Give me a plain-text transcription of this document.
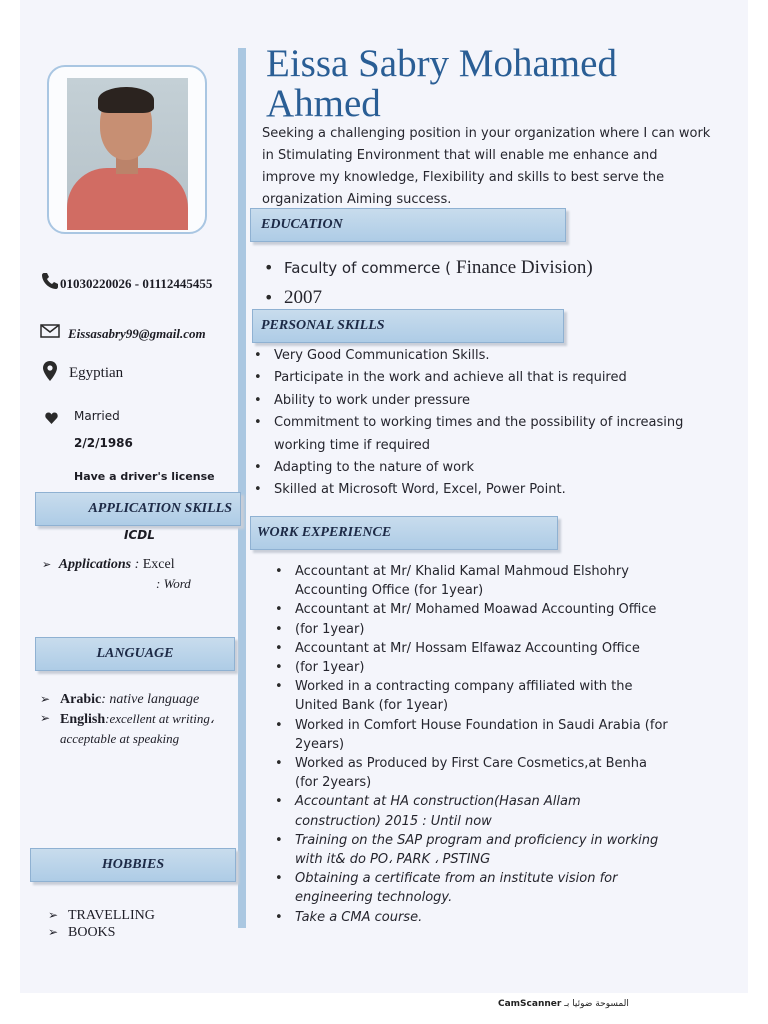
Eissa Sabry Mohamed Ahmed

Seeking a challenging position in your organization where I can work in Stimulating Environment that will enable me enhance and improve my knowledge, Flexibility and skills to best serve the organization Aiming success.

01030220026 - 01112445455
Eissasabry99@gmail.com
Egyptian
Married
2/2/1986
Have a driver's license
APPLICATION SKILLS
ICDL
➢ Applications : Excel
: Word
LANGUAGE
➢ Arabic: native language
➢ English:excellent at writing، acceptable at speaking
HOBBIES
➢ TRAVELLING
➢ BOOKS
EDUCATION
• Faculty of commerce ( Finance Division)
• 2007
PERSONAL SKILLS
• Very Good Communication Skills.
• Participate in the work and achieve all that is required
• Ability to work under pressure
• Commitment to working times and the possibility of increasing working time if required
• Adapting to the nature of work
• Skilled at Microsoft Word, Excel, Power Point.
WORK EXPERIENCE
• Accountant at Mr/ Khalid Kamal Mahmoud Elshohry Accounting Office (for 1year)
• Accountant at Mr/ Mohamed Moawad Accounting Office
• (for 1year)
• Accountant at Mr/ Hossam Elfawaz Accounting Office
• (for 1year)
• Worked in a contracting company affiliated with the United Bank (for 1year)
• Worked in Comfort House Foundation in Saudi Arabia (for 2years)
• Worked as Produced by First Care Cosmetics,at Benha (for 2years)
• Accountant at HA construction(Hasan Allam construction) 2015 : Until now
• Training on the SAP program and proficiency in working with it& do PO، PARK ، PSTING
• Obtaining a certificate from an institute vision for engineering technology.
• Take a CMA course.
CamScanner المسوحة ضوئيا بـ
